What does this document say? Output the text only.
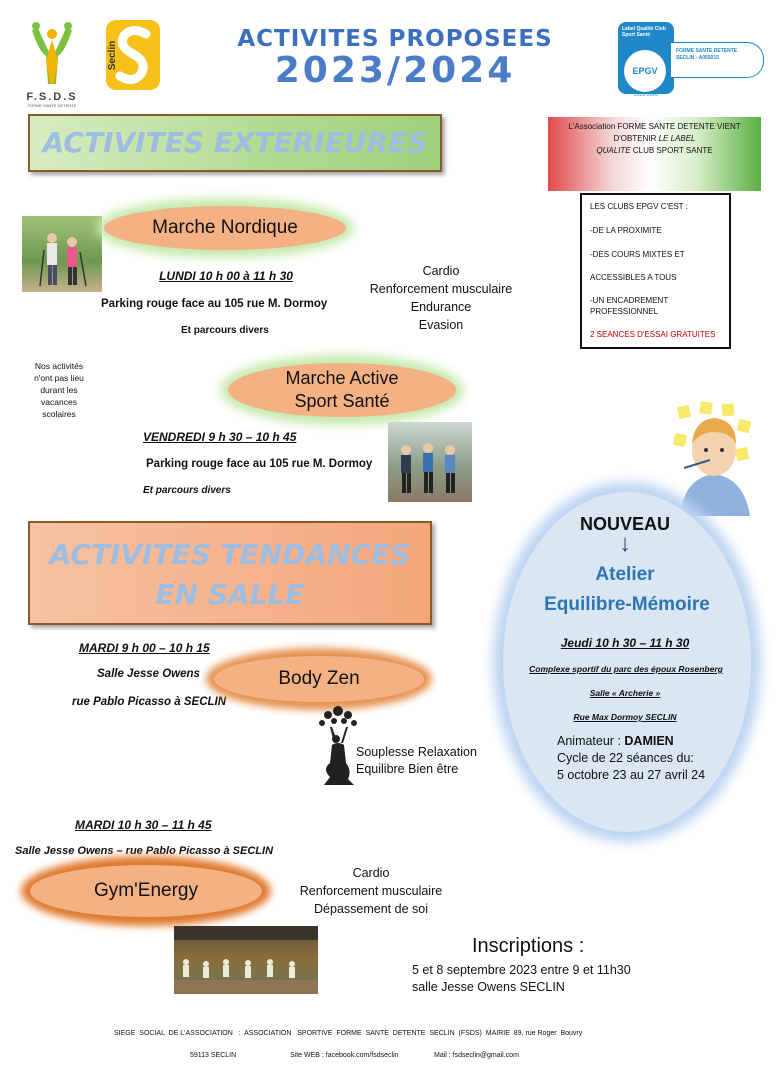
F.S.D.S
FORME SANTE DETENTE
Seclin
ACTIVITES PROPOSEES
2023/2024
Label Qualité Club Sport Santé
EPGV
2023-2026
FORME SANTE DETENTE SECLIN - A055015
ACTIVITES EXTERIEURES	L'Association FORME SANTE DETENTE VIENT
D'OBTENIR LE LABEL
QUALITE CLUB SPORT SANTE
LES CLUBS EPGV C'EST :
-DE LA PROXIMITE
-DES COURS MIXTES ET
ACCESSIBLES A TOUS
-UN ENCADREMENT
PROFESSIONNEL
2 SEANCES D'ESSAI GRATUITES
Marche Nordique
LUNDI 10 h 00 à 11 h 30
Parking rouge face au 105 rue M. Dormoy
Et parcours divers
Cardio
Renforcement musculaire
Endurance
Evasion
Nos activités
n'ont pas lieu
durant les
vacances
scolaires
Marche Active
Sport Santé
VENDREDI 9 h 30 – 10 h 45
Parking rouge face au 105 rue M. Dormoy
Et parcours divers
ACTIVITES TENDANCES
EN SALLE
NOUVEAU
↓
Atelier
Equilibre-Mémoire
Jeudi 10 h 30 – 11 h 30
Complexe sportif du parc des époux Rosenberg
Salle « Archerie »
Rue Max Dormoy SECLIN
Animateur : DAMIEN
Cycle de 22 séances du:
5 octobre 23 au 27 avril 24
MARDI 9 h 00 – 10 h 15
Salle Jesse Owens
rue Pablo Picasso à SECLIN
Body Zen
Souplesse Relaxation
Equilibre Bien être
MARDI 10 h 30 – 11 h 45
Salle Jesse Owens – rue Pablo Picasso à SECLIN
Gym'Energy
Cardio
Renforcement musculaire
Dépassement de soi
Inscriptions :
5 et 8 septembre 2023 entre 9 et 11h30
salle Jesse Owens SECLIN
SIEGE  SOCIAL  DE L'ASSOCIATION   :  ASSOCIATION   SPORTIVE  FORME  SANTE  DETENTE  SECLIN  (FSDS)  MAIRIE  89, rue Roger  Bouvry
59113 SECLIN	Site WEB : facebook.com/fsdseclin	Mail : fsdseclin@gmail.com
